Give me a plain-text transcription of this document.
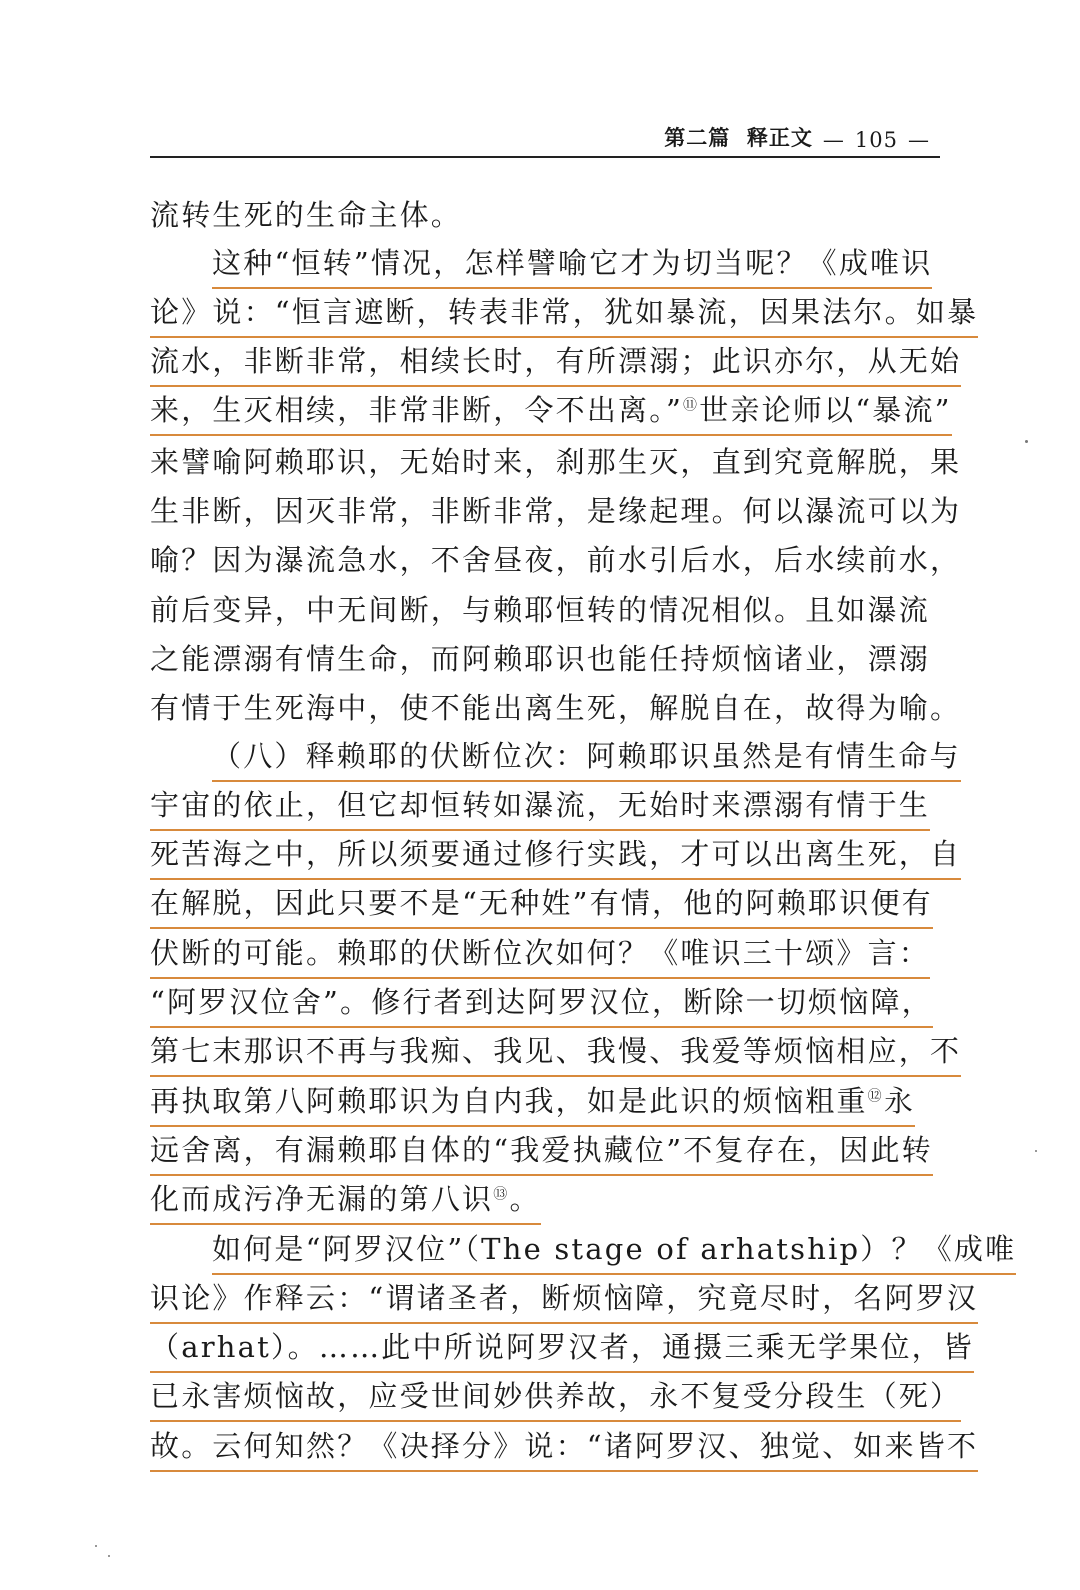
第二篇
释正文 — 105 —
流转生死的生命主体。
这种“恒转”情况，怎样譬喻它才为切当呢？《成唯识
论》说：“恒言遮断，转表非常，犹如暴流，因果法尔。如暴
流水，非断非常，相续长时，有所漂溺；此识亦尔，从无始
来，生灭相续，非常非断，令不出离。”⑪世亲论师以“暴流”
来譬喻阿赖耶识，无始时来，刹那生灭，直到究竟解脱，果
生非断，因灭非常，非断非常，是缘起理。何以瀑流可以为
喻？因为瀑流急水，不舍昼夜，前水引后水，后水续前水，
前后变异，中无间断，与赖耶恒转的情况相似。且如瀑流
之能漂溺有情生命，而阿赖耶识也能任持烦恼诸业，漂溺
有情于生死海中，使不能出离生死，解脱自在，故得为喻。
（八）释赖耶的伏断位次：阿赖耶识虽然是有情生命与
宇宙的依止，但它却恒转如瀑流，无始时来漂溺有情于生
死苦海之中，所以须要通过修行实践，才可以出离生死，自
在解脱，因此只要不是“无种姓”有情，他的阿赖耶识便有
伏断的可能。赖耶的伏断位次如何？《唯识三十颂》言：
“阿罗汉位舍”。修行者到达阿罗汉位，断除一切烦恼障，
第七末那识不再与我痴、我见、我慢、我爱等烦恼相应，不
再执取第八阿赖耶识为自内我，如是此识的烦恼粗重⑫永
远舍离，有漏赖耶自体的“我爱执藏位”不复存在，因此转
化而成污净无漏的第八识⑬。
如何是“阿罗汉位”（The stage of arhatship）？《成唯
识论》作释云：“谓诸圣者，断烦恼障，究竟尽时，名阿罗汉
（arhat）。……此中所说阿罗汉者，通摄三乘无学果位，皆
已永害烦恼故，应受世间妙供养故，永不复受分段生（死）
故。云何知然？《决择分》说：“诸阿罗汉、独觉、如来皆不
